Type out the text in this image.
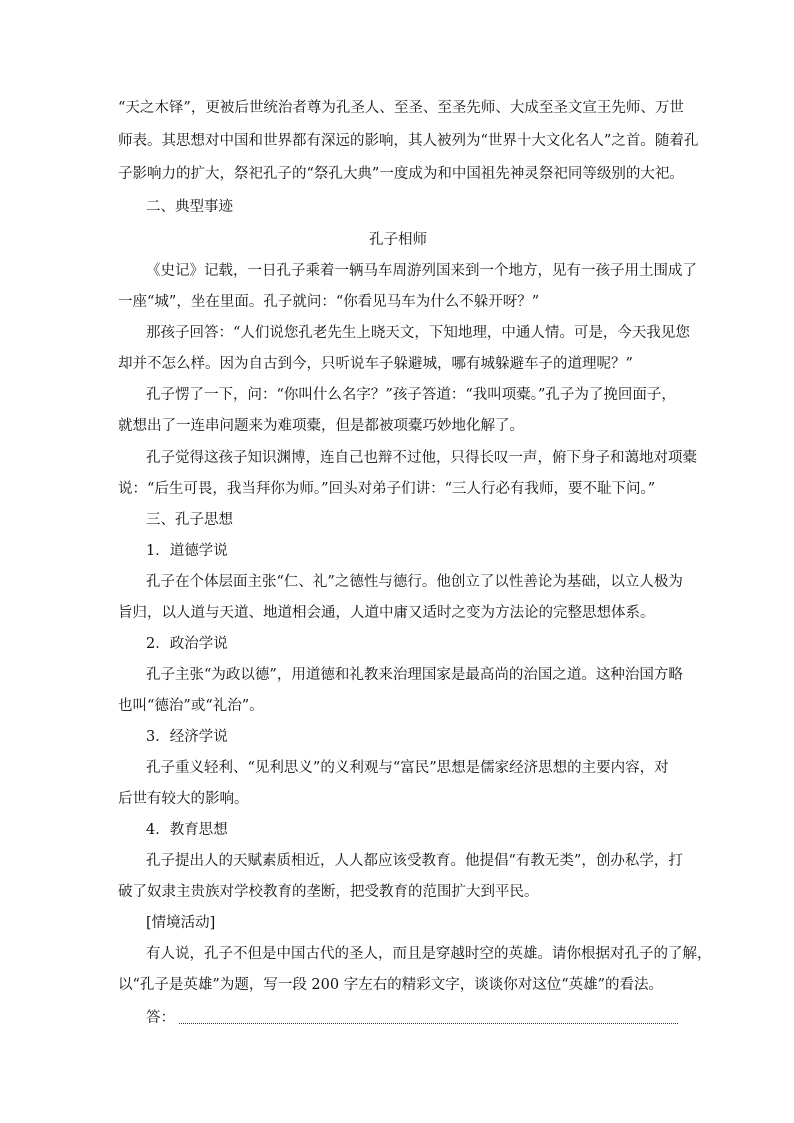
“天之木铎”，更被后世统治者尊为孔圣人、至圣、至圣先师、大成至圣文宣王先师、万世
师表。其思想对中国和世界都有深远的影响，其人被列为“世界十大文化名人”之首。随着孔
子影响力的扩大，祭祀孔子的“祭孔大典”一度成为和中国祖先神灵祭祀同等级别的大祀。
二、典型事迹
孔子相师
《史记》记载，一日孔子乘着一辆马车周游列国来到一个地方，见有一孩子用土围成了
一座“城”，坐在里面。孔子就问：“你看见马车为什么不躲开呀？”
那孩子回答：“人们说您孔老先生上晓天文，下知地理，中通人情。可是，今天我见您
却并不怎么样。因为自古到今，只听说车子躲避城，哪有城躲避车子的道理呢？”
孔子愣了一下，问：“你叫什么名字？”孩子答道：“我叫项橐。”孔子为了挽回面子，
就想出了一连串问题来为难项橐，但是都被项橐巧妙地化解了。
孔子觉得这孩子知识渊博，连自己也辩不过他，只得长叹一声，俯下身子和蔼地对项橐
说：“后生可畏，我当拜你为师。”回头对弟子们讲：“三人行必有我师，要不耻下问。”
三、孔子思想
1．道德学说
孔子在个体层面主张“仁、礼”之德性与德行。他创立了以性善论为基础，以立人极为
旨归，以人道与天道、地道相会通，人道中庸又适时之变为方法论的完整思想体系。
2．政治学说
孔子主张“为政以德”，用道德和礼教来治理国家是最高尚的治国之道。这种治国方略
也叫“德治”或“礼治”。
3．经济学说
孔子重义轻利、“见利思义”的义利观与“富民”思想是儒家经济思想的主要内容，对
后世有较大的影响。
4．教育思想
孔子提出人的天赋素质相近，人人都应该受教育。他提倡“有教无类”，创办私学，打
破了奴隶主贵族对学校教育的垄断，把受教育的范围扩大到平民。
[情境活动]
有人说，孔子不但是中国古代的圣人，而且是穿越时空的英雄。请你根据对孔子的了解，
以“孔子是英雄”为题，写一段 200 字左右的精彩文字，谈谈你对这位“英雄”的看法。
答：
